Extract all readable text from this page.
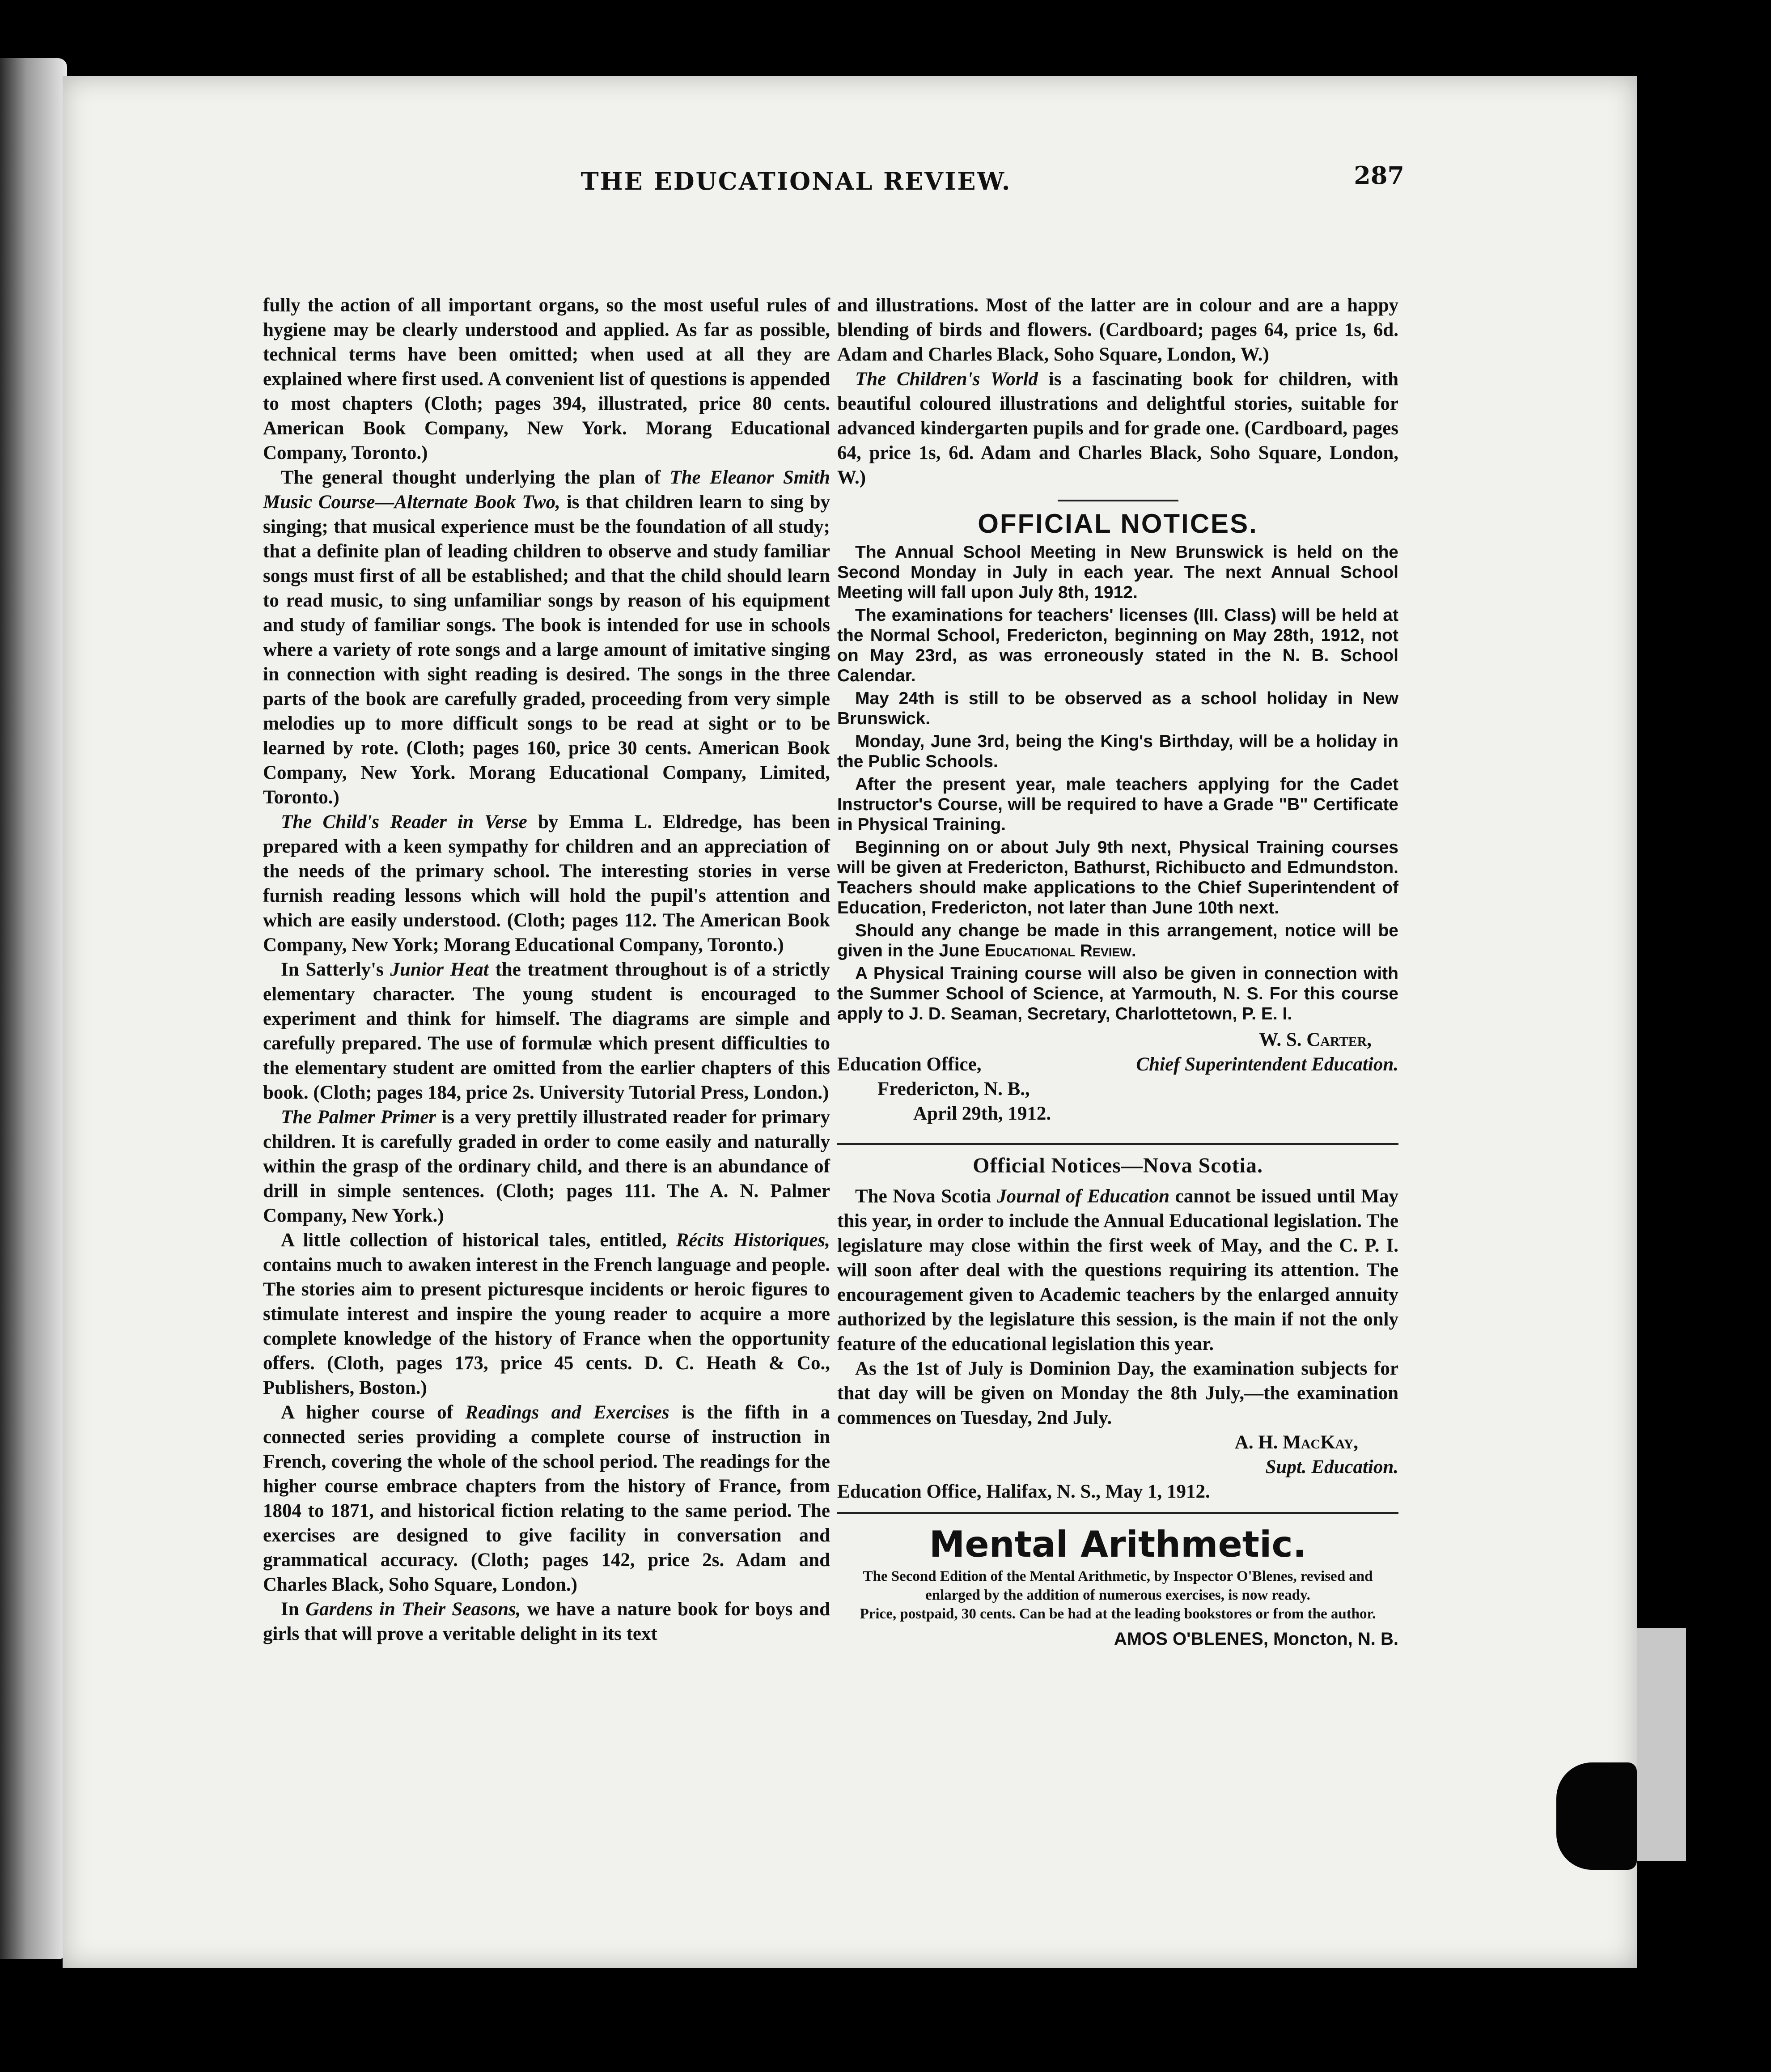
THE EDUCATIONAL REVIEW.	287

fully the action of all important organs, so the most useful rules of hygiene may be clearly understood and applied. As far as possible, technical terms have been omitted; when used at all they are explained where first used. A convenient list of questions is appended to most chapters (Cloth; pages 394, illustrated, price 80 cents. American Book Company, New York. Morang Educational Company, Toronto.)

The general thought underlying the plan of The Eleanor Smith Music Course—Alternate Book Two, is that children learn to sing by singing; that musical experience must be the foundation of all study; that a definite plan of leading children to observe and study familiar songs must first of all be established; and that the child should learn to read music, to sing unfamiliar songs by reason of his equipment and study of familiar songs. The book is intended for use in schools where a variety of rote songs and a large amount of imitative singing in connection with sight reading is desired. The songs in the three parts of the book are carefully graded, proceeding from very simple melodies up to more difficult songs to be read at sight or to be learned by rote. (Cloth; pages 160, price 30 cents. American Book Company, New York. Morang Educational Company, Limited, Toronto.)

The Child's Reader in Verse by Emma L. Eldredge, has been prepared with a keen sympathy for children and an appreciation of the needs of the primary school. The interesting stories in verse furnish reading lessons which will hold the pupil's attention and which are easily understood. (Cloth; pages 112. The American Book Company, New York; Morang Educational Company, Toronto.)

In Satterly's Junior Heat the treatment throughout is of a strictly elementary character. The young student is encouraged to experiment and think for himself. The diagrams are simple and carefully prepared. The use of formulæ which present difficulties to the elementary student are omitted from the earlier chapters of this book. (Cloth; pages 184, price 2s. University Tutorial Press, London.)

The Palmer Primer is a very prettily illustrated reader for primary children. It is carefully graded in order to come easily and naturally within the grasp of the ordinary child, and there is an abundance of drill in simple sentences. (Cloth; pages 111. The A. N. Palmer Company, New York.)

A little collection of historical tales, entitled, Récits Historiques, contains much to awaken interest in the French language and people. The stories aim to present picturesque incidents or heroic figures to stimulate interest and inspire the young reader to acquire a more complete knowledge of the history of France when the opportunity offers. (Cloth, pages 173, price 45 cents. D. C. Heath & Co., Publishers, Boston.)

A higher course of Readings and Exercises is the fifth in a connected series providing a complete course of instruction in French, covering the whole of the school period. The readings for the higher course embrace chapters from the history of France, from 1804 to 1871, and historical fiction relating to the same period. The exercises are designed to give facility in conversation and grammatical accuracy. (Cloth; pages 142, price 2s. Adam and Charles Black, Soho Square, London.)

In Gardens in Their Seasons, we have a nature book for boys and girls that will prove a veritable delight in its text

and illustrations. Most of the latter are in colour and are a happy blending of birds and flowers. (Cardboard; pages 64, price 1s, 6d. Adam and Charles Black, Soho Square, London, W.)

The Children's World is a fascinating book for children, with beautiful coloured illustrations and delightful stories, suitable for advanced kindergarten pupils and for grade one. (Cardboard, pages 64, price 1s, 6d. Adam and Charles Black, Soho Square, London, W.)

OFFICIAL NOTICES.

The Annual School Meeting in New Brunswick is held on the Second Monday in July in each year. The next Annual School Meeting will fall upon July 8th, 1912.

The examinations for teachers' licenses (III. Class) will be held at the Normal School, Fredericton, beginning on May 28th, 1912, not on May 23rd, as was erroneously stated in the N. B. School Calendar.

May 24th is still to be observed as a school holiday in New Brunswick.

Monday, June 3rd, being the King's Birthday, will be a holiday in the Public Schools.

After the present year, male teachers applying for the Cadet Instructor's Course, will be required to have a Grade "B" Certificate in Physical Training.

Beginning on or about July 9th next, Physical Training courses will be given at Fredericton, Bathurst, Richibucto and Edmundston. Teachers should make applications to the Chief Superintendent of Education, Fredericton, not later than June 10th next.

Should any change be made in this arrangement, notice will be given in the June Educational Review.

A Physical Training course will also be given in connection with the Summer School of Science, at Yarmouth, N. S. For this course apply to J. D. Seaman, Secretary, Charlottetown, P. E. I.

W. S. Carter,
Education Office,	Chief Superintendent Education.
Fredericton, N. B.,
April 29th, 1912.
Official Notices—Nova Scotia.

The Nova Scotia Journal of Education cannot be issued until May this year, in order to include the Annual Educational legislation. The legislature may close within the first week of May, and the C. P. I. will soon after deal with the questions requiring its attention. The encouragement given to Academic teachers by the enlarged annuity authorized by the legislature this session, is the main if not the only feature of the educational legislation this year.

As the 1st of July is Dominion Day, the examination subjects for that day will be given on Monday the 8th July,—the examination commences on Tuesday, 2nd July.

A. H. MacKay,
Supt. Education.
Education Office, Halifax, N. S., May 1, 1912.
Mental Arithmetic.
The Second Edition of the Mental Arithmetic, by Inspector O'Blenes, revised and enlarged by the addition of numerous exercises, is now ready.
Price, postpaid, 30 cents. Can be had at the leading bookstores or from the author.
AMOS O'BLENES, Moncton, N. B.
